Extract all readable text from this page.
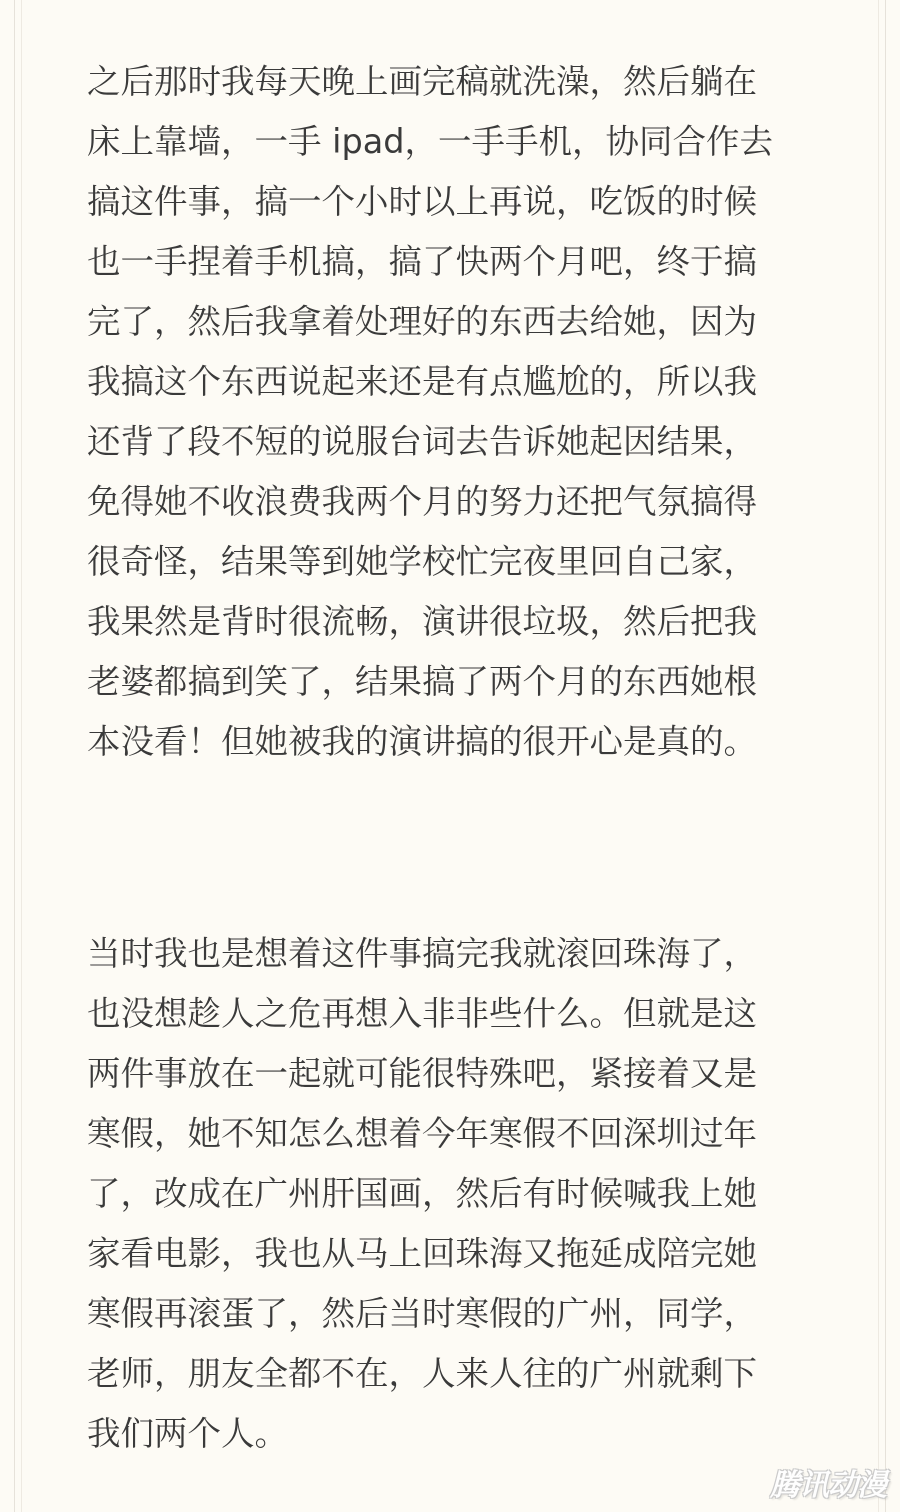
之后那时我每天晚上画完稿就洗澡，然后躺在
床上靠墙，一手 ipad，一手手机，协同合作去
搞这件事，搞一个小时以上再说，吃饭的时候
也一手捏着手机搞，搞了快两个月吧，终于搞
完了，然后我拿着处理好的东西去给她，因为
我搞这个东西说起来还是有点尴尬的，所以我
还背了段不短的说服台词去告诉她起因结果，
免得她不收浪费我两个月的努力还把气氛搞得
很奇怪，结果等到她学校忙完夜里回自己家，
我果然是背时很流畅，演讲很垃圾，然后把我
老婆都搞到笑了，结果搞了两个月的东西她根
本没看！但她被我的演讲搞的很开心是真的。
当时我也是想着这件事搞完我就滚回珠海了，
也没想趁人之危再想入非非些什么。但就是这
两件事放在一起就可能很特殊吧，紧接着又是
寒假，她不知怎么想着今年寒假不回深圳过年
了，改成在广州肝国画，然后有时候喊我上她
家看电影，我也从马上回珠海又拖延成陪完她
寒假再滚蛋了，然后当时寒假的广州，同学，
老师，朋友全都不在，人来人往的广州就剩下
我们两个人。
腾讯动漫
